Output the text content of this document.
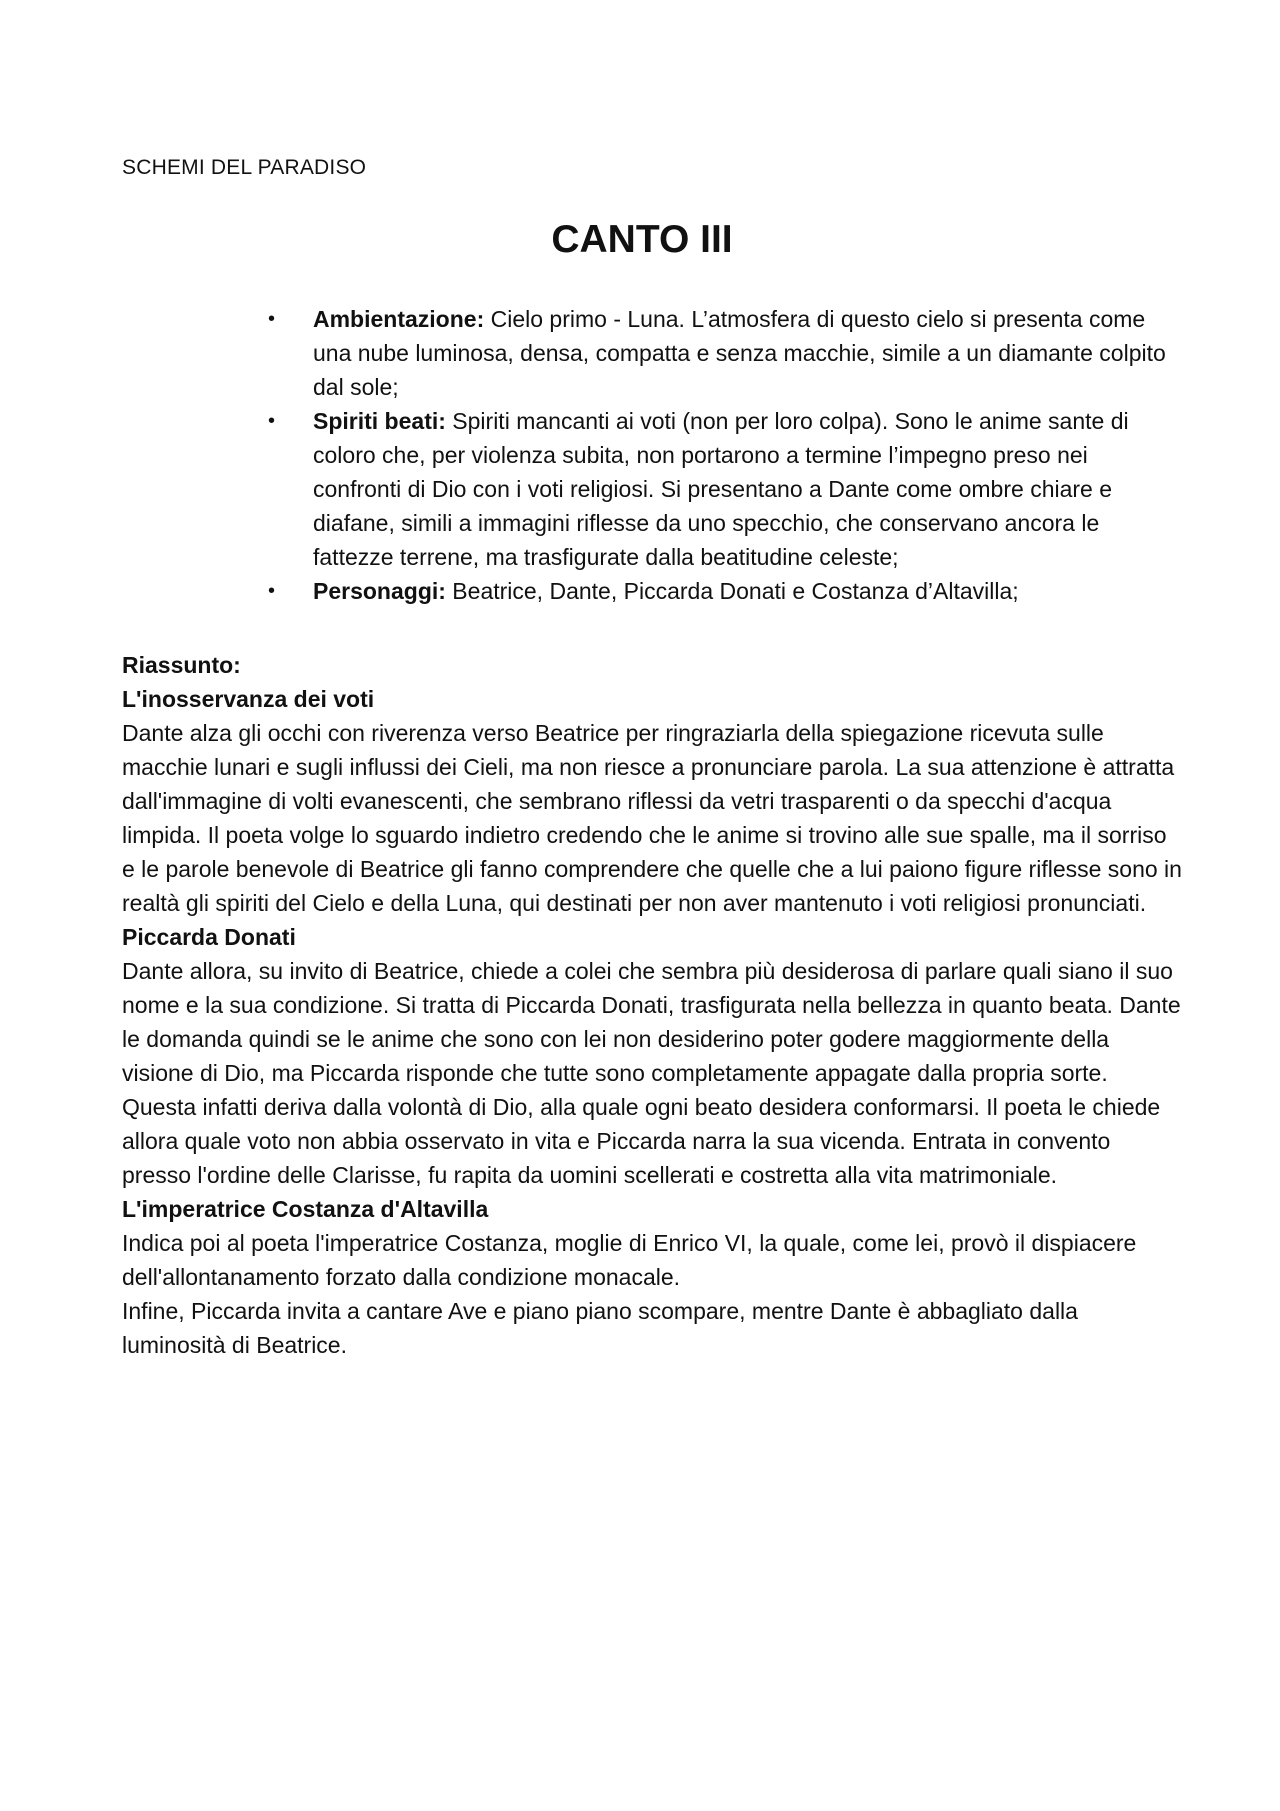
SCHEMI DEL PARADISO
CANTO III
• Ambientazione: Cielo primo - Luna. L’atmosfera di questo cielo si presenta come una nube luminosa, densa, compatta e senza macchie, simile a un diamante colpito dal sole;
• Spiriti beati: Spiriti mancanti ai voti (non per loro colpa). Sono le anime sante di coloro che, per violenza subita, non portarono a termine l’impegno preso nei confronti di Dio con i voti religiosi. Si presentano a Dante come ombre chiare e diafane, simili a immagini riflesse da uno specchio, che conservano ancora le fattezze terrene, ma trasfigurate dalla beatitudine celeste;
• Personaggi: Beatrice, Dante, Piccarda Donati e Costanza d’Altavilla;
Riassunto:
L'inosservanza dei voti

Dante alza gli occhi con riverenza verso Beatrice per ringraziarla della spiegazione ricevuta sulle macchie lunari e sugli influssi dei Cieli, ma non riesce a pronunciare parola. La sua attenzione è attratta dall'immagine di volti evanescenti, che sembrano riflessi da vetri trasparenti o da specchi d'acqua limpida. Il poeta volge lo sguardo indietro credendo che le anime si trovino alle sue spalle, ma il sorriso e le parole benevole di Beatrice gli fanno comprendere che quelle che a lui paiono figure riflesse sono in realtà gli spiriti del Cielo e della Luna, qui destinati per non aver mantenuto i voti religiosi pronunciati.

Piccarda Donati

Dante allora, su invito di Beatrice, chiede a colei che sembra più desiderosa di parlare quali siano il suo nome e la sua condizione. Si tratta di Piccarda Donati, trasfigurata nella bellezza in quanto beata. Dante le domanda quindi se le anime che sono con lei non desiderino poter godere maggiormente della visione di Dio, ma Piccarda risponde che tutte sono completamente appagate dalla propria sorte. Questa infatti deriva dalla volontà di Dio, alla quale ogni beato desidera conformarsi. Il poeta le chiede allora quale voto non abbia osservato in vita e Piccarda narra la sua vicenda. Entrata in convento presso l'ordine delle Clarisse, fu rapita da uomini scellerati e costretta alla vita matrimoniale.

L'imperatrice Costanza d'Altavilla

Indica poi al poeta l'imperatrice Costanza, moglie di Enrico VI, la quale, come lei, provò il dispiacere dell'allontanamento forzato dalla condizione monacale.

Infine, Piccarda invita a cantare Ave e piano piano scompare, mentre Dante è abbagliato dalla luminosità di Beatrice.
